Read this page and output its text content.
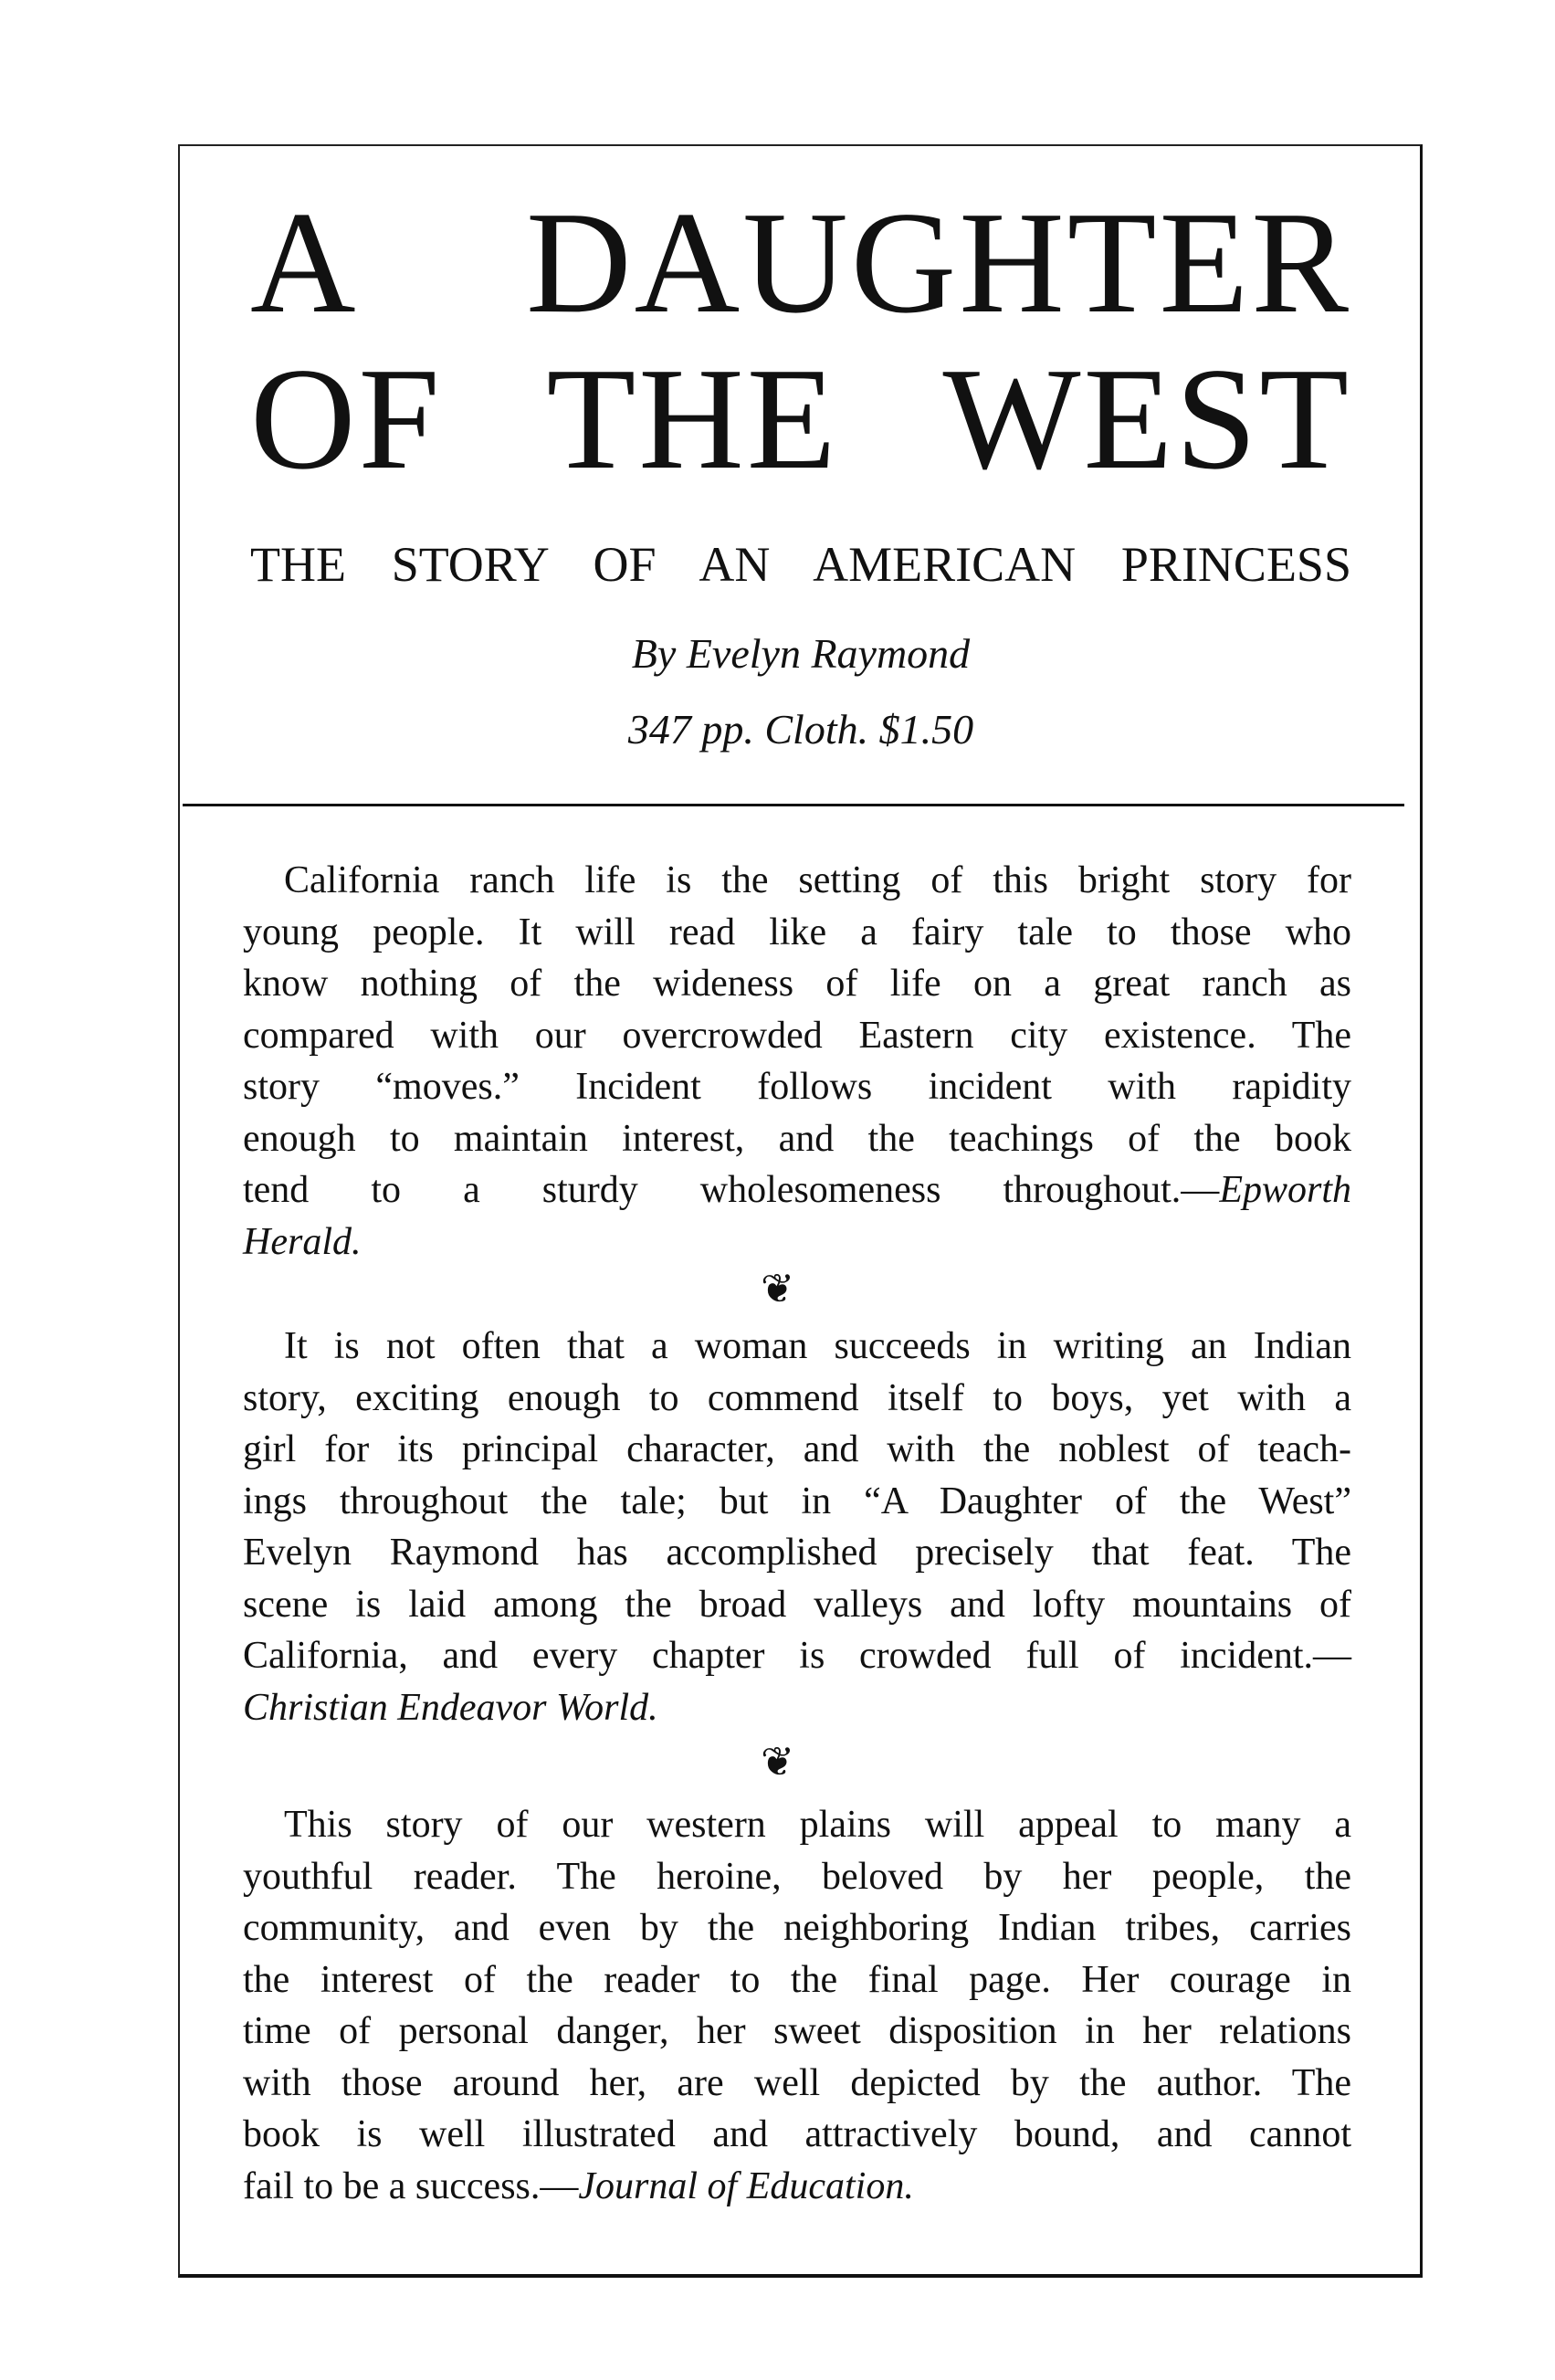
A DAUGHTER
OF THE WEST
THE STORY OF AN AMERICAN PRINCESS
By Evelyn Raymond
347 pp. Cloth. $1.50
California ranch life is the setting of this bright story for
young people. It will read like a fairy tale to those who
know nothing of the wideness of life on a great ranch as
compared with our overcrowded Eastern city existence. The
story “moves.” Incident follows incident with rapidity
enough to maintain interest, and the teachings of the book
tend to a sturdy wholesomeness throughout.—Epworth
Herald.
❦
It is not often that a woman succeeds in writing an Indian
story, exciting enough to commend itself to boys, yet with a
girl for its principal character, and with the noblest of teach-
ings throughout the tale; but in “A Daughter of the West”
Evelyn Raymond has accomplished precisely that feat. The
scene is laid among the broad valleys and lofty mountains of
California, and every chapter is crowded full of incident.—
Christian Endeavor World.
❦
This story of our western plains will appeal to many a
youthful reader. The heroine, beloved by her people, the
community, and even by the neighboring Indian tribes, carries
the interest of the reader to the final page. Her courage in
time of personal danger, her sweet disposition in her relations
with those around her, are well depicted by the author. The
book is well illustrated and attractively bound, and cannot
fail to be a success.—Journal of Education.
